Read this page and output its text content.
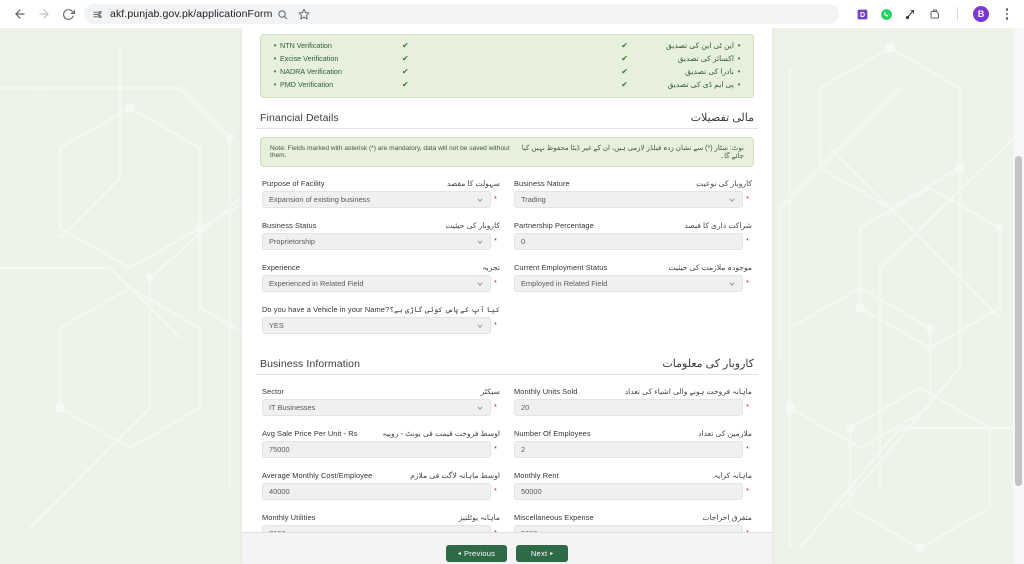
akf.punjab.gov.pk/applicationForm	D	B
• NTN Verification	✔
• Excise Verification	✔
• NADRA Verification	✔
• PMD Verification	✔
•
این ٹی این کی تصدیق
✔
•
اکسائز کی تصدیق
✔
•
نادرا کی تصدیق
✔
•
پی ایم ڈی کی تصدیق
✔
Financial Details	مالی تفصیلات
Note: Fields marked with asterisk (*) are mandatory, data will not be saved without them.
نوٹ: سٹار (*) سے نشان زدہ فیلڈز لازمی ہیں، ان کے غیر ڈیٹا محفوظ نہیں کیا جائے گا۔
Purpose of Facility	سہولت کا مقصد
Expansion of existing business	*
Business Nature	کاروبار کی نوعیت
Trading	*
Business Status	کاروبار کی حیثیت
Proprietorship	*
Partnership Percentage	شراکت داری کا فیصد
0	*
Experience	تجربہ
Experienced in Related Field	*
Current Employment Status	موجودہ ملازمت کی حیثیت
Employed in Related Field	*
Do you have a Vehicle in your Name? کیا آپ کے پاس کوئی گاڑی ہے؟
YES	*
Business Information	کاروبار کی معلومات
Sector	سیکٹر
IT Businesses	*
Monthly Units Sold	ماہانہ فروخت ہونے والی اشیاء کی تعداد
20	*
Avg Sale Price Per Unit - Rs	اوسط فروخت قیمت فی یونٹ - روپیہ
75000	*
Number Of Employees	ملازمین کی تعداد
2	*
Average Monthly Cost/Employee	اوسط ماہانہ لاگت فی ملازم
40000	*
Monthly Rent	ماہانہ کرایہ
50000	*
Monthly Utilities	ماہانہ یوٹلتیز Miscellaneous Expense	متفرق اخراجات
◂ Previous	Next ▸
